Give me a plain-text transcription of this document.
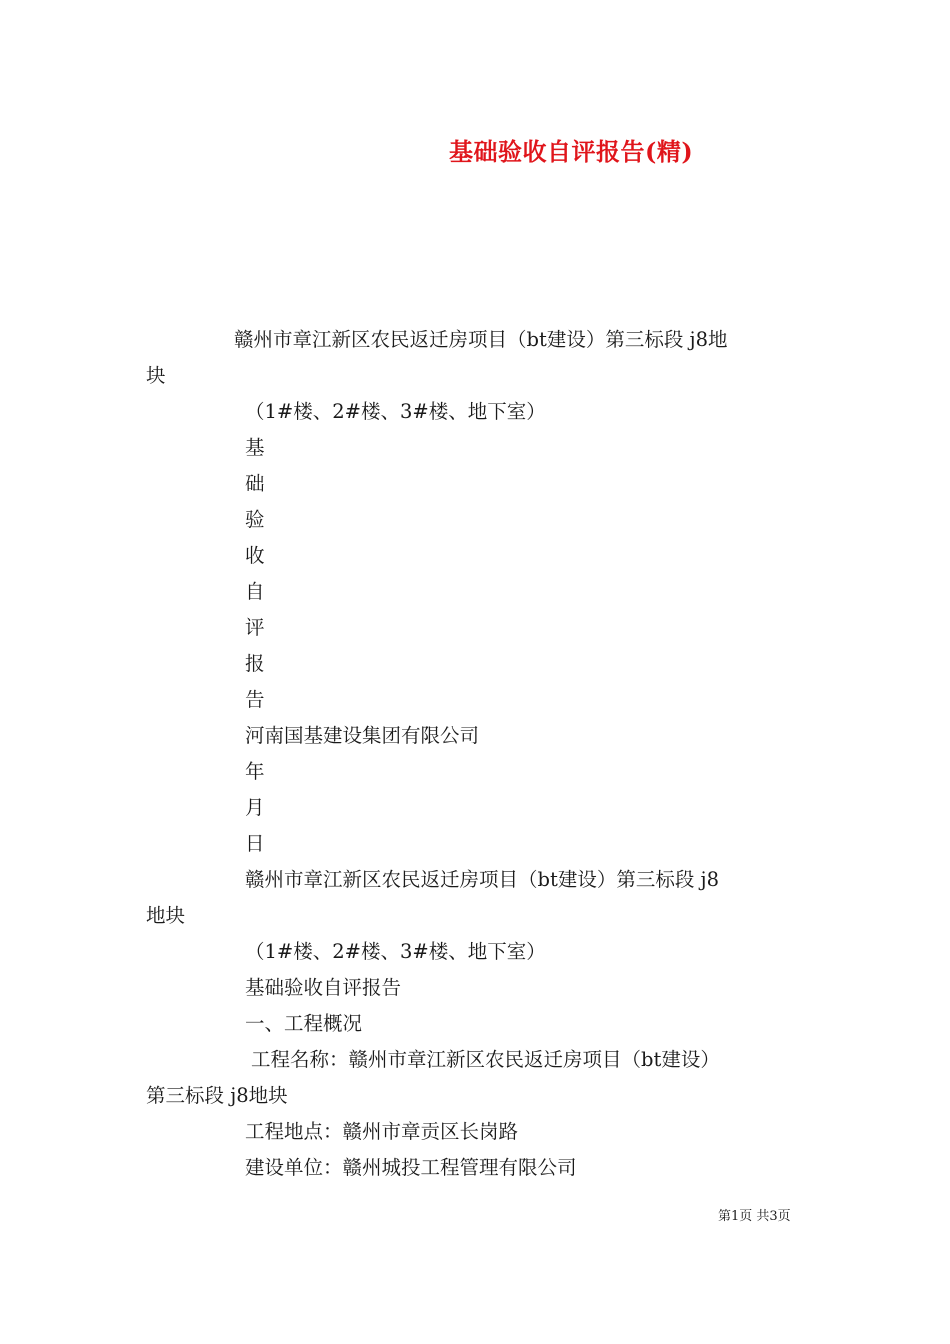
基础验收自评报告(精)

赣州市章江新区农民返迁房项目（bt建设）第三标段 j8地

块

（1#楼、2#楼、3#楼、地下室）

基

础

验

收

自

评

报

告

河南国基建设集团有限公司

年

月

日

赣州市章江新区农民返迁房项目（bt建设）第三标段 j8

地块

（1#楼、2#楼、3#楼、地下室）

基础验收自评报告

一、工程概况

工程名称：赣州市章江新区农民返迁房项目（bt建设）

第三标段 j8地块

工程地点：赣州市章贡区长岗路

建设单位：赣州城投工程管理有限公司

第1页 共3页
